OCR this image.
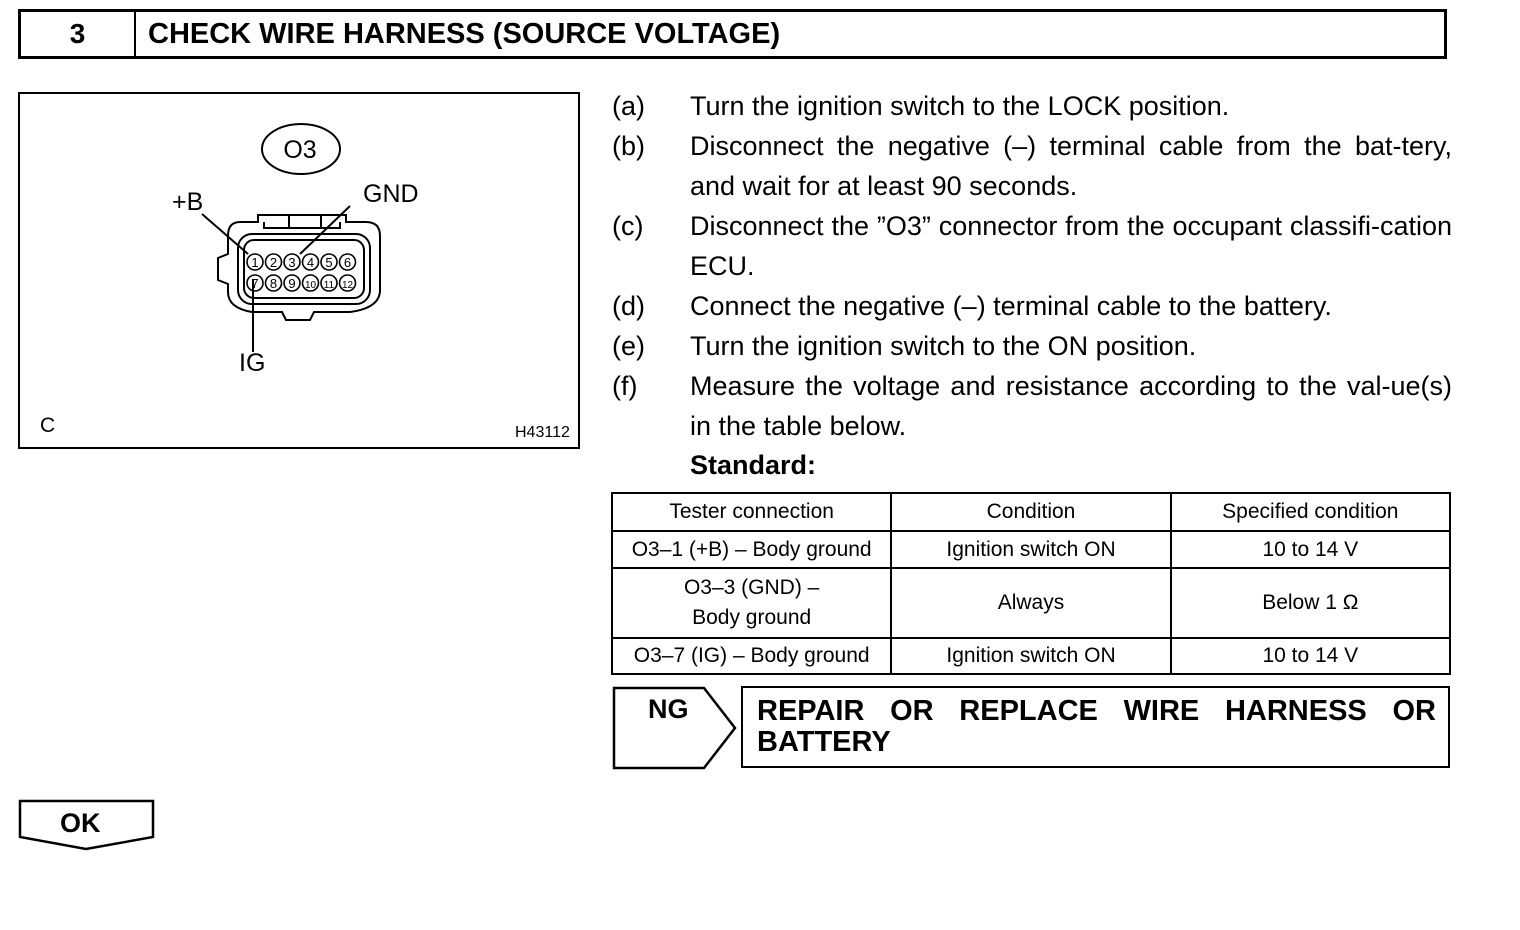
3	CHECK WIRE HARNESS (SOURCE VOLTAGE)
1 2 3 4 5 6
7 8 9 10 11 12
O3
+B	GND
IG
C	H43112
(a)	Turn the ignition switch to the LOCK position.
(b)	Disconnect the negative (–) terminal cable from the bat-tery, and wait for at least 90 seconds.
(c)	Disconnect the ”O3” connector from the occupant classifi-cation ECU.
(d)	Connect the negative (–) terminal cable to the battery.
(e)	Turn the ignition switch to the ON position.
(f)	Measure the voltage and resistance according to the val-ue(s) in the table below.
Standard:
Tester connection	Condition	Specified condition
O3–1 (+B) – Body ground	Ignition switch ON	10 to 14 V

O3–3 (GND) –
Body ground	Always	Below 1 Ω
O3–7 (IG) – Body ground	Ignition switch ON	10 to 14 V
NG REPAIR OR REPLACE WIRE HARNESS OR
BATTERY
OK
